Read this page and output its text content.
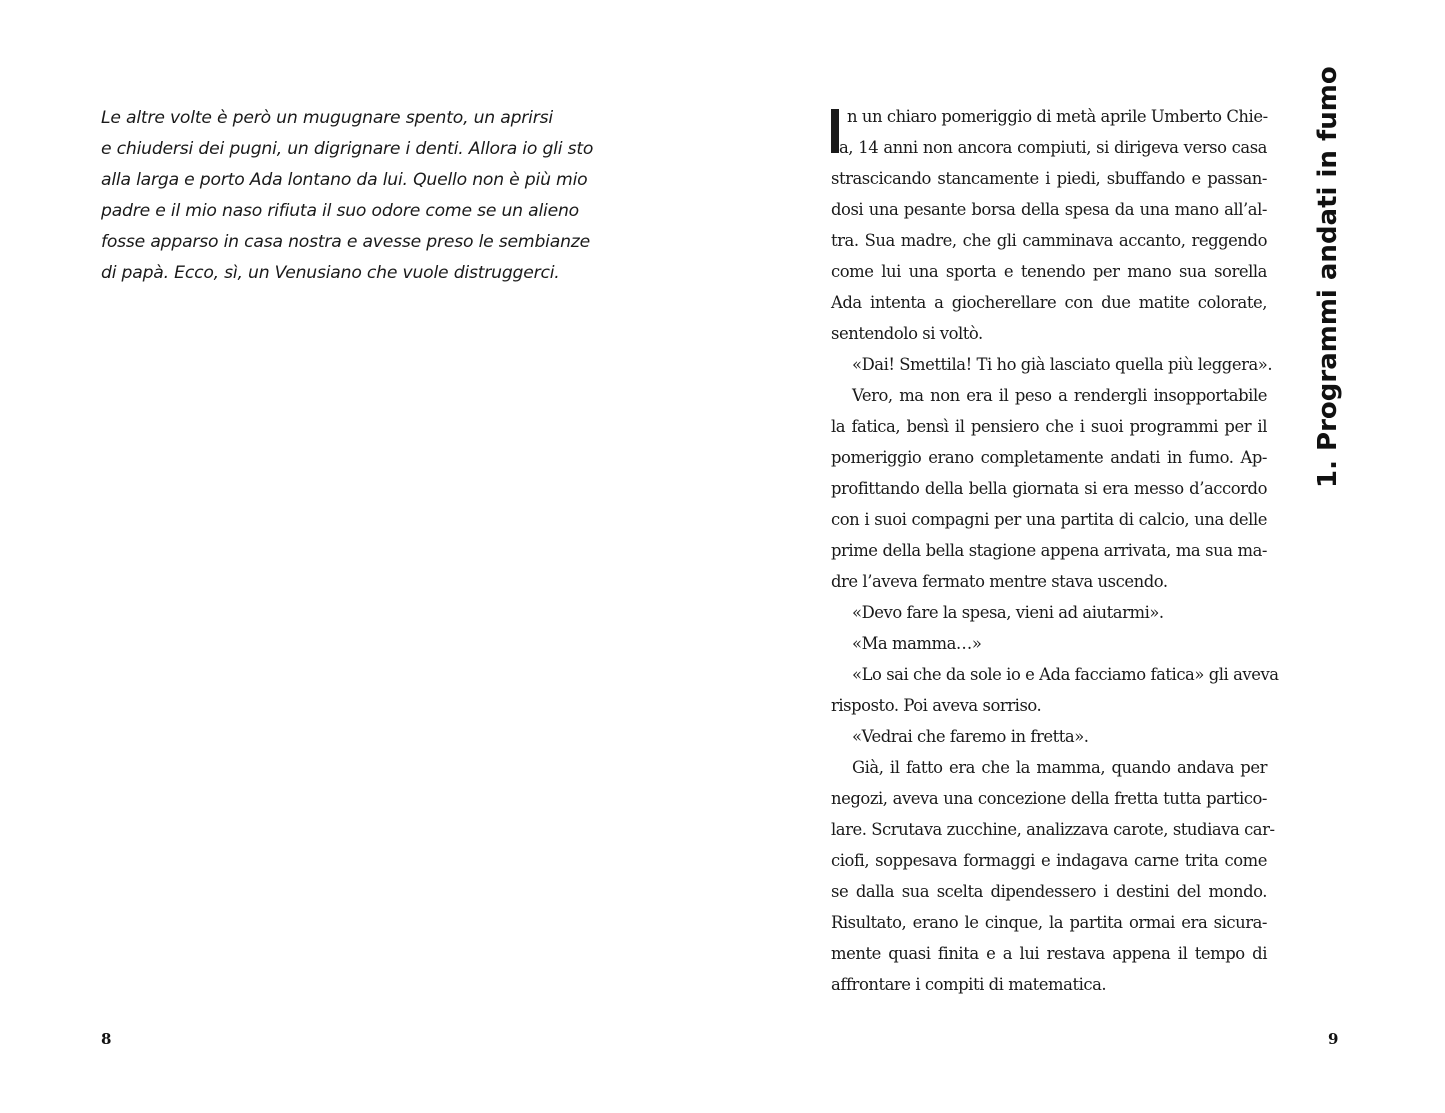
Le altre volte è però un mugugnare spento, un aprirsi
e chiudersi dei pugni, un digrignare i denti. Allora io gli sto
alla larga e porto Ada lontano da lui. Quello non è più mio
padre e il mio naso rifiuta il suo odore come se un alieno
fosse apparso in casa nostra e avesse preso le sembianze
di papà. Ecco, sì, un Venusiano che vuole distruggerci.
8
n un chiaro pomeriggio di metà aprile Umberto Chie-
sa, 14 anni non ancora compiuti, si dirigeva verso casa
strascicando stancamente i piedi, sbuffando e passan-
dosi una pesante borsa della spesa da una mano all’al-
tra. Sua madre, che gli camminava accanto, reggendo
come lui una sporta e tenendo per mano sua sorella
Ada intenta a giocherellare con due matite colorate,
sentendolo si voltò.
«Dai! Smettila! Ti ho già lasciato quella più leggera».
Vero, ma non era il peso a rendergli insopportabile
la fatica, bensì il pensiero che i suoi programmi per il
pomeriggio erano completamente andati in fumo. Ap-
profittando della bella giornata si era messo d’accordo
con i suoi compagni per una partita di calcio, una delle
prime della bella stagione appena arrivata, ma sua ma-
dre l’aveva fermato mentre stava uscendo.
«Devo fare la spesa, vieni ad aiutarmi».
«Ma mamma…»
«Lo sai che da sole io e Ada facciamo fatica» gli aveva
risposto. Poi aveva sorriso.
«Vedrai che faremo in fretta».
Già, il fatto era che la mamma, quando andava per
negozi, aveva una concezione della fretta tutta partico-
lare. Scrutava zucchine, analizzava carote, studiava car-
ciofi, soppesava formaggi e indagava carne trita come
se dalla sua scelta dipendessero i destini del mondo.
Risultato, erano le cinque, la partita ormai era sicura-
mente quasi finita e a lui restava appena il tempo di
affrontare i compiti di matematica.
1. Programmi andati in fumo
9
